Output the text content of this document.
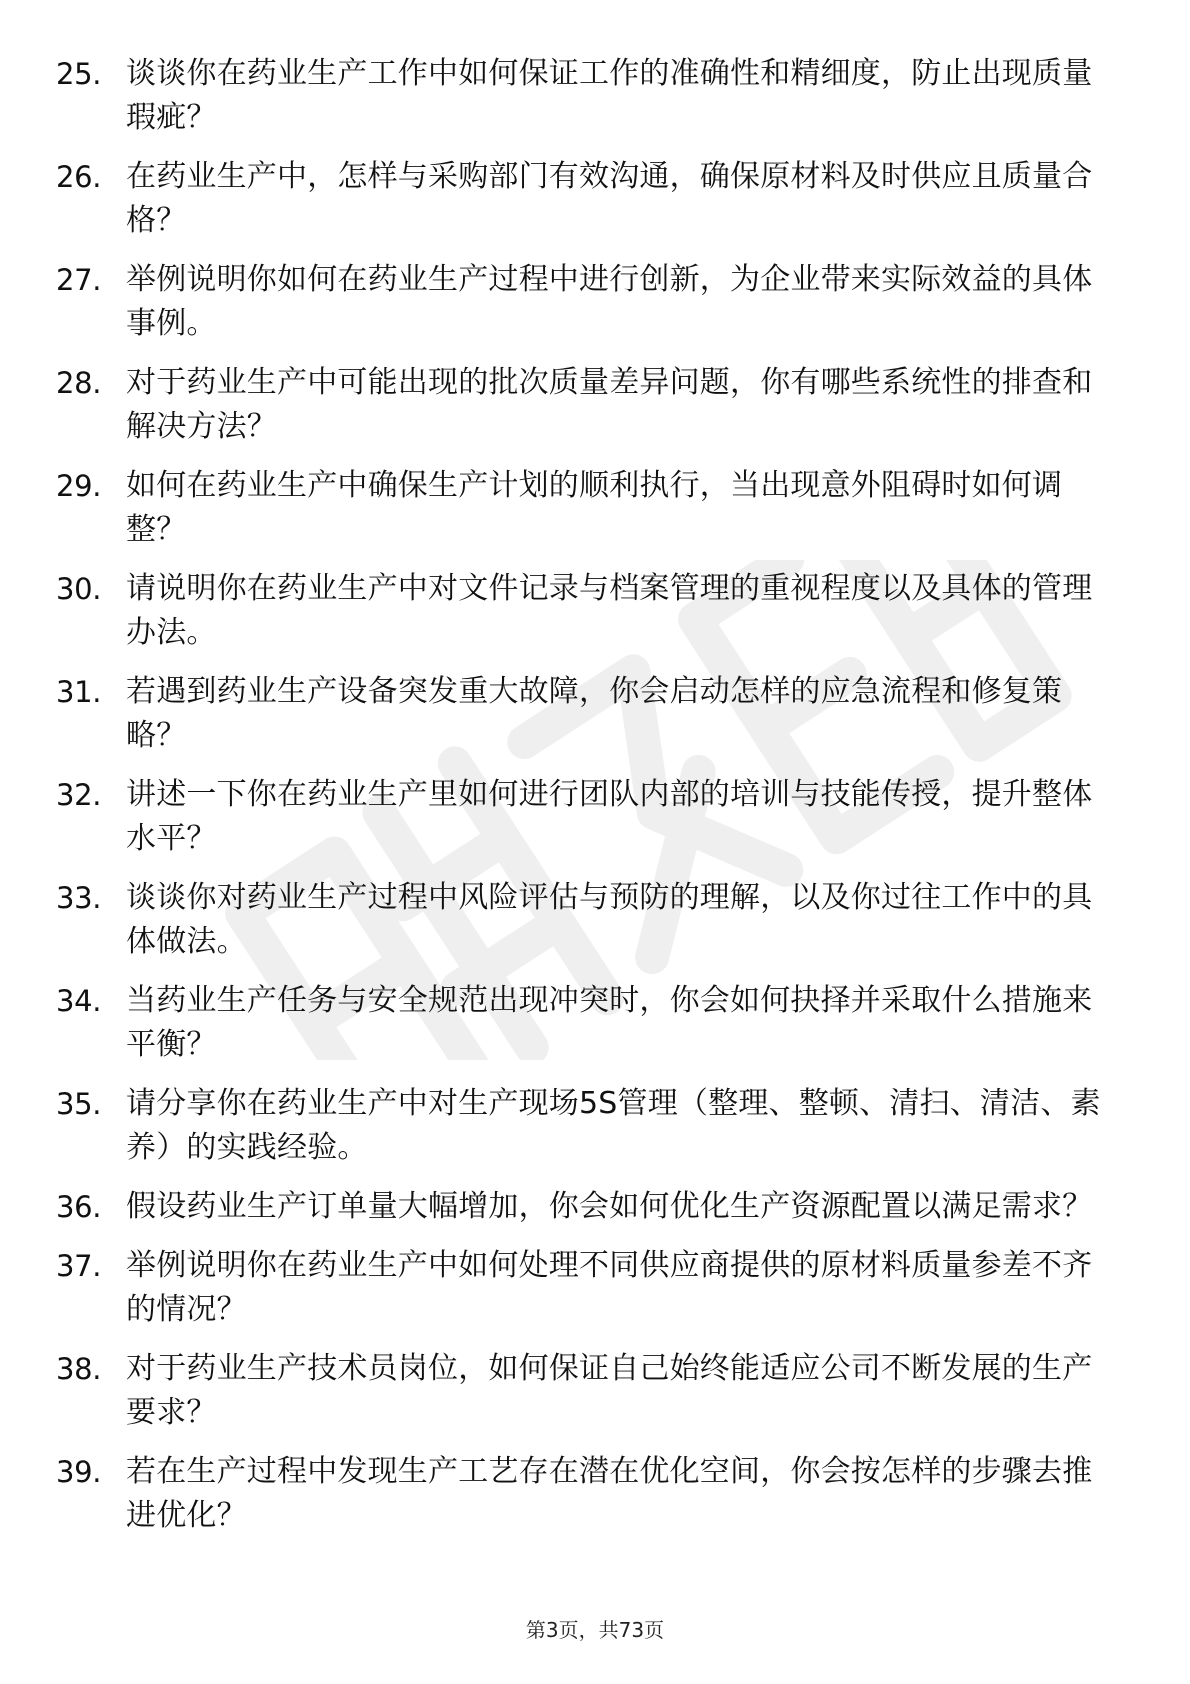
25. 谈谈你在药业生产工作中如何保证工作的准确性和精细度，防止出现质量瑕疵？
26. 在药业生产中，怎样与采购部门有效沟通，确保原材料及时供应且质量合格？
27. 举例说明你如何在药业生产过程中进行创新，为企业带来实际效益的具体事例。
28. 对于药业生产中可能出现的批次质量差异问题，你有哪些系统性的排查和解决方法？
29. 如何在药业生产中确保生产计划的顺利执行，当出现意外阻碍时如何调整？
30. 请说明你在药业生产中对文件记录与档案管理的重视程度以及具体的管理办法。
31. 若遇到药业生产设备突发重大故障，你会启动怎样的应急流程和修复策略？
32. 讲述一下你在药业生产里如何进行团队内部的培训与技能传授，提升整体水平？
33. 谈谈你对药业生产过程中风险评估与预防的理解，以及你过往工作中的具体做法。
34. 当药业生产任务与安全规范出现冲突时，你会如何抉择并采取什么措施来平衡？
35. 请分享你在药业生产中对生产现场5S管理（整理、整顿、清扫、清洁、素养）的实践经验。
36. 假设药业生产订单量大幅增加，你会如何优化生产资源配置以满足需求？
37. 举例说明你在药业生产中如何处理不同供应商提供的原材料质量参差不齐的情况？
38. 对于药业生产技术员岗位，如何保证自己始终能适应公司不断发展的生产要求？
39. 若在生产过程中发现生产工艺存在潜在优化空间，你会按怎样的步骤去推进优化？
第3页，共73页
